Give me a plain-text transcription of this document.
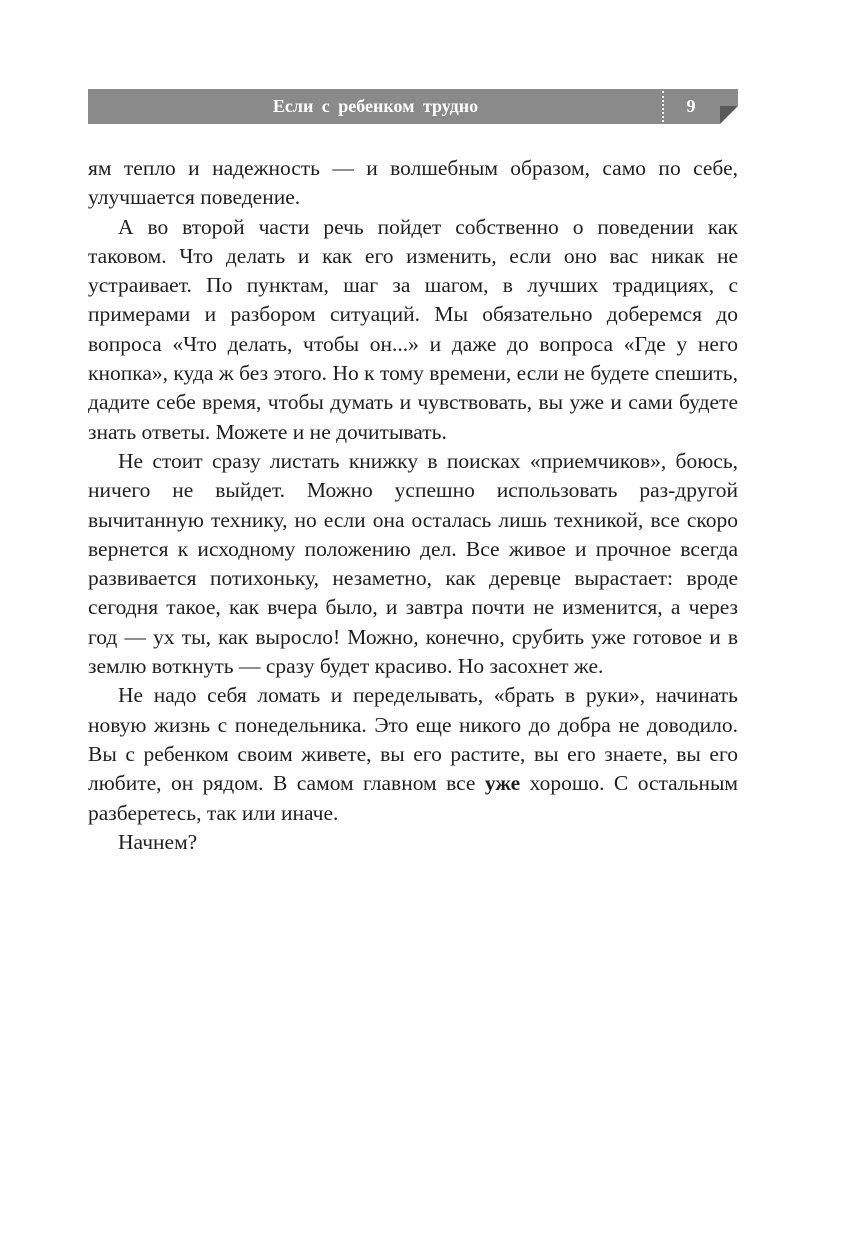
Если с ребенком трудно	9

ям тепло и надежность — и волшебным образом, само по себе, улучшается поведение.

А во второй части речь пойдет собственно о поведении как таковом. Что делать и как его изменить, если оно вас никак не устраивает. По пунктам, шаг за шагом, в лучших традициях, с примерами и разбором ситуаций. Мы обязательно доберемся до вопроса «Что делать, чтобы он...» и даже до вопроса «Где у него кнопка», куда ж без этого. Но к тому времени, если не будете спешить, дадите себе время, чтобы думать и чувствовать, вы уже и сами будете знать ответы. Можете и не дочитывать.

Не стоит сразу листать книжку в поисках «приемчиков», боюсь, ничего не выйдет. Можно успешно использовать раз-другой вычитанную технику, но если она осталась лишь техникой, все скоро вернется к исходному положению дел. Все живое и прочное всегда развивается потихоньку, незаметно, как деревце вырастает: вроде сегодня такое, как вчера было, и завтра почти не изменится, а через год — ух ты, как выросло! Можно, конечно, срубить уже готовое и в землю воткнуть — сразу будет красиво. Но засохнет же.

Не надо себя ломать и переделывать, «брать в руки», начинать новую жизнь с понедельника. Это еще никого до добра не доводило. Вы с ребенком своим живете, вы его растите, вы его знаете, вы его любите, он рядом. В самом главном все уже хорошо. С остальным разберетесь, так или иначе.

Начнем?
